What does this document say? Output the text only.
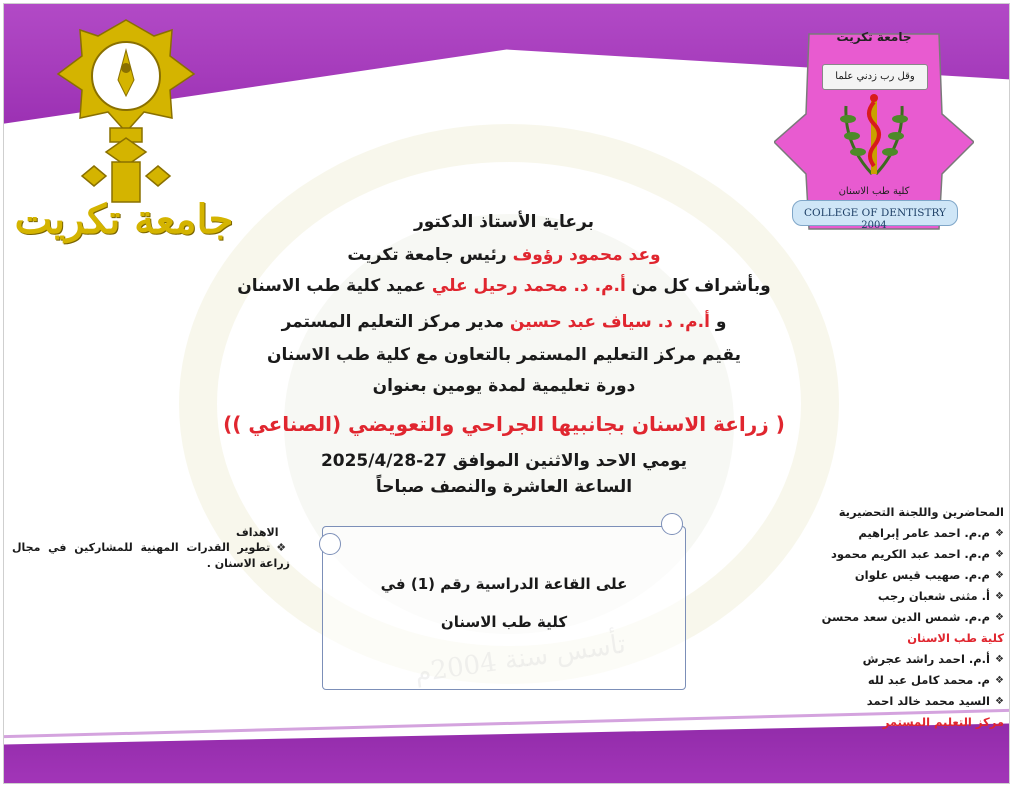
جامعة تكريت
جامعة تكريت
وقل رب زدني علما
كلية طب الاسنان
COLLEGE OF DENTISTRY
2004
برعاية الأستاذ الدكتور
وعد محمود رؤوف رئيس جامعة تكريت
وبأشراف كل من أ.م. د. محمد رحيل علي عميد كلية طب الاسنان
و أ.م. د. سياف عبد حسين مدير مركز التعليم المستمر
يقيم مركز التعليم المستمر بالتعاون مع كلية طب الاسنان
دورة تعليمية لمدة يومين بعنوان
( زراعة الاسنان بجانبيها الجراحي والتعويضي (الصناعي ))
يومي الاحد والاثنين الموافق 27-2025/4/28
الساعة العاشرة والنصف صباحاً
الاهداف
❖تطوير القدرات المهنية للمشاركين في مجال زراعة الاسنان .
على القاعة الدراسية رقم (1) في
كلية طب الاسنان
المحاضرين واللجنة التحضيرية
❖ م.م. احمد عامر إبراهيم
❖ م.م. احمد عبد الكريم محمود
❖ م.م. صهيب قيس علوان
❖ أ. مثنى شعبان رجب
❖ م.م. شمس الدين سعد محسن
كلية طب الاسنان
❖ أ.م. احمد راشد عجرش
❖ م. محمد كامل عبد لله
❖ السيد محمد خالد احمد
مركز التعليم المستمر
